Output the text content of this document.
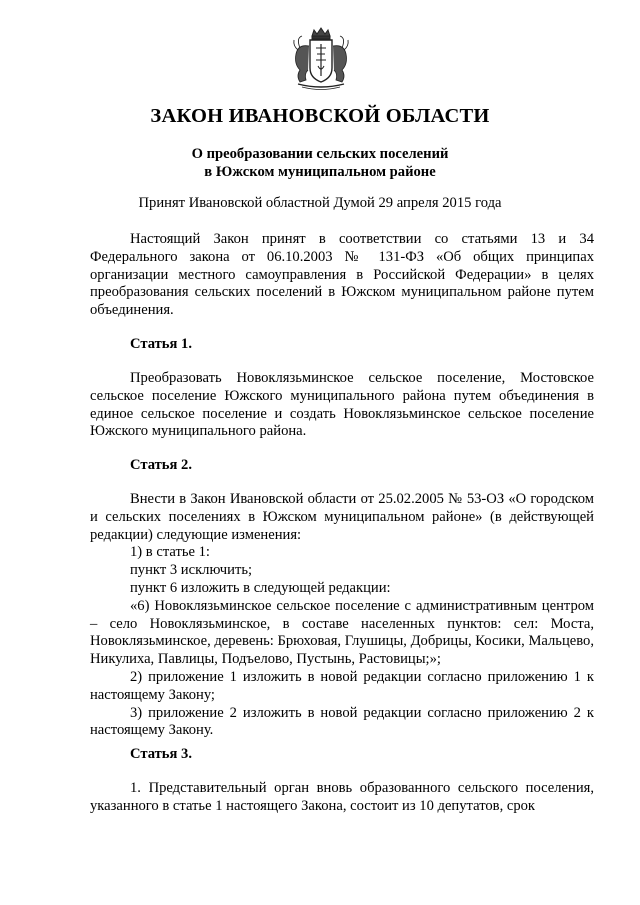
ЗАКОН ИВАНОВСКОЙ ОБЛАСТИ
О преобразовании сельских поселений
в Южском муниципальном районе

Принят Ивановской областной Думой 29 апреля 2015 года

Настоящий Закон принят в соответствии со статьями 13 и 34 Федерального закона от 06.10.2003 № 131-ФЗ «Об общих принципах организации местного самоуправления в Российской Федерации» в целях преобразования сельских поселений в Южском муниципальном районе путем объединения.

Статья 1.

Преобразовать Новоклязьминское сельское поселение, Мостовское сельское поселение Южского муниципального района путем объединения в единое сельское поселение и создать Новоклязьминское сельское поселение Южского муниципального района.

Статья 2.

Внести в Закон Ивановской области от 25.02.2005 № 53-ОЗ «О городском и сельских поселениях в Южском муниципальном районе» (в действующей редакции) следующие изменения:

1) в статье 1:

пункт 3 исключить;

пункт 6 изложить в следующей редакции:

«6) Новоклязьминское сельское поселение с административным центром – село Новоклязьминское, в составе населенных пунктов: сел: Моста, Новоклязьминское, деревень: Брюховая, Глушицы, Добрицы, Косики, Мальцево, Никулиха, Павлицы, Подъелово, Пустынь, Растовицы;»;

2) приложение 1 изложить в новой редакции согласно приложению 1 к настоящему Закону;

3) приложение 2 изложить в новой редакции согласно приложению 2 к настоящему Закону.

Статья 3.

1. Представительный орган вновь образованного сельского поселения, указанного в статье 1 настоящего Закона, состоит из 10 депутатов, срок
